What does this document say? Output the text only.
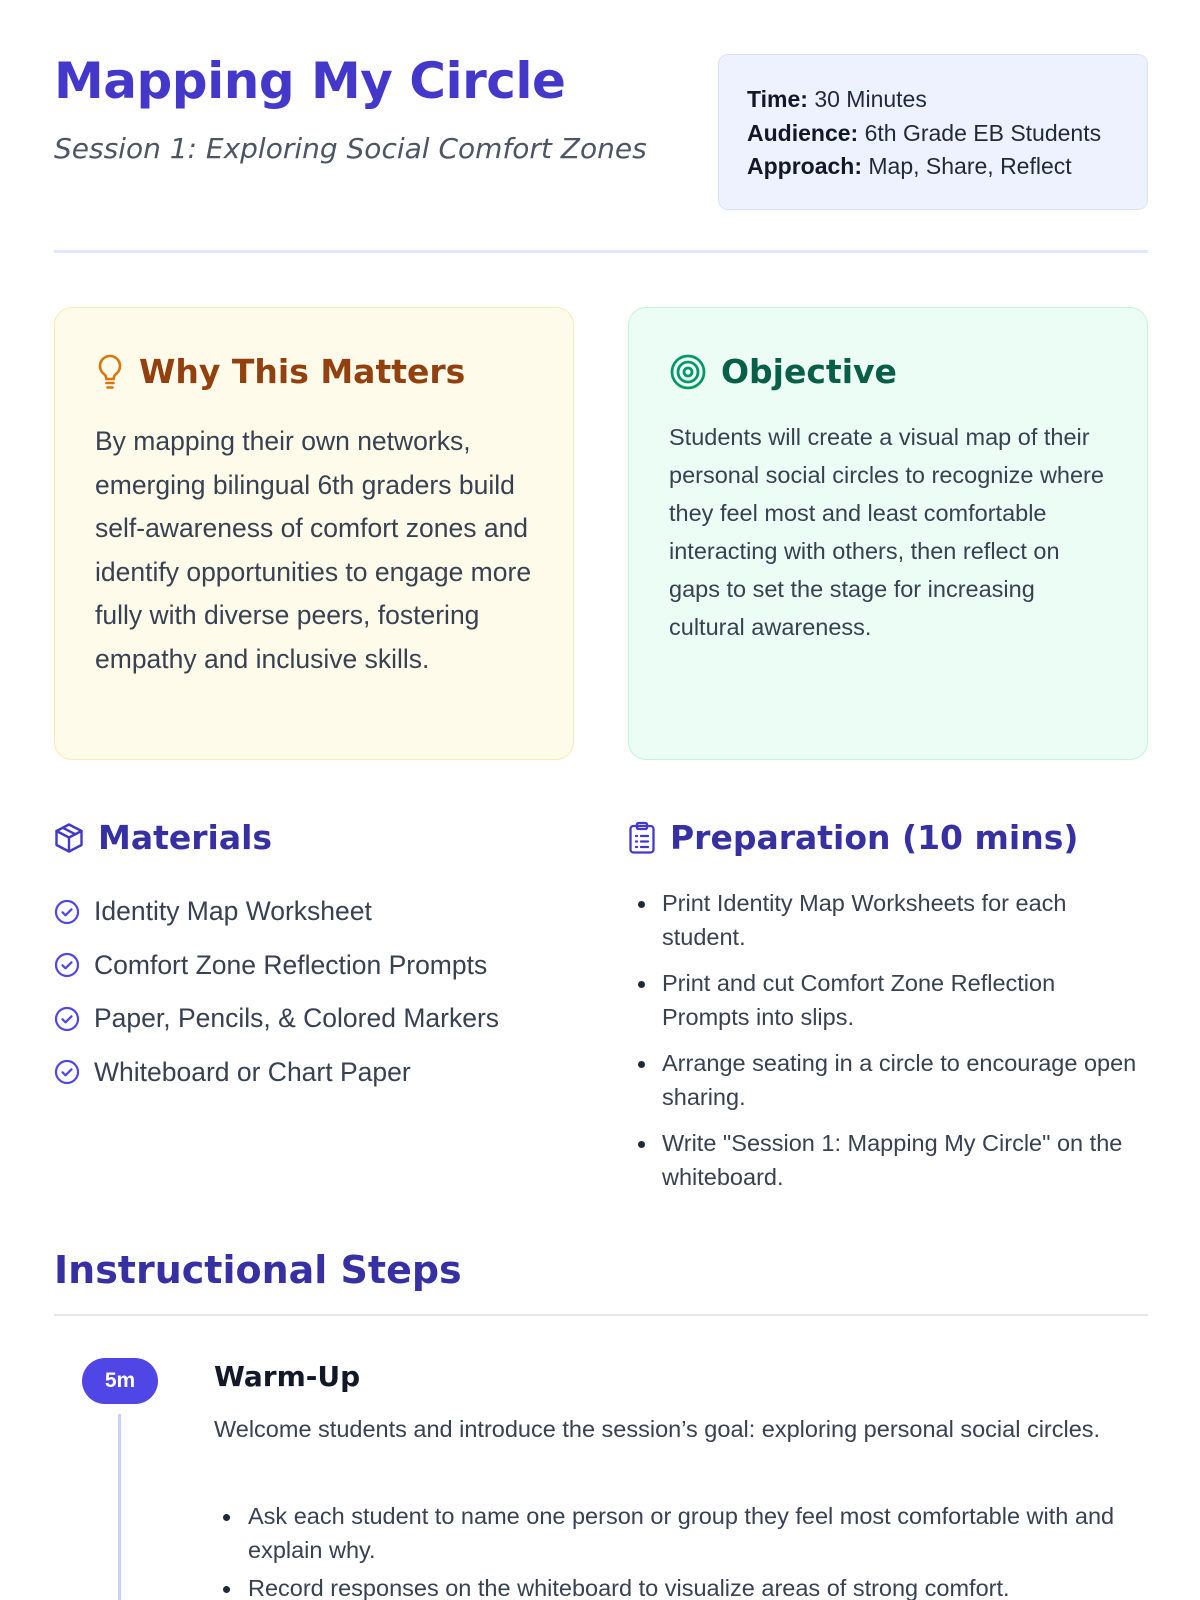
Mapping My Circle

Session 1: Exploring Social Comfort Zones

Time: 30 Minutes
Audience: 6th Grade EB Students
Approach: Map, Share, Reflect
Why This Matters

By mapping their own networks, emerging bilingual 6th graders build self-awareness of comfort zones and identify opportunities to engage more fully with diverse peers, fostering empathy and inclusive skills.

Objective

Students will create a visual map of their personal social circles to recognize where they feel most and least comfortable interacting with others, then reflect on gaps to set the stage for increasing cultural awareness.

Materials
Identity Map Worksheet
Comfort Zone Reflection Prompts
Paper, Pencils, & Colored Markers
Whiteboard or Chart Paper
Preparation (10 mins)
Print Identity Map Worksheets for each student.
Print and cut Comfort Zone Reflection Prompts into slips.
Arrange seating in a circle to encourage open sharing.
Write "Session 1: Mapping My Circle" on the whiteboard.
Instructional Steps
5m	Warm-Up

Welcome students and introduce the session’s goal: exploring personal social circles.

Ask each student to name one person or group they feel most comfortable with and explain why.
Record responses on the whiteboard to visualize areas of strong comfort.
